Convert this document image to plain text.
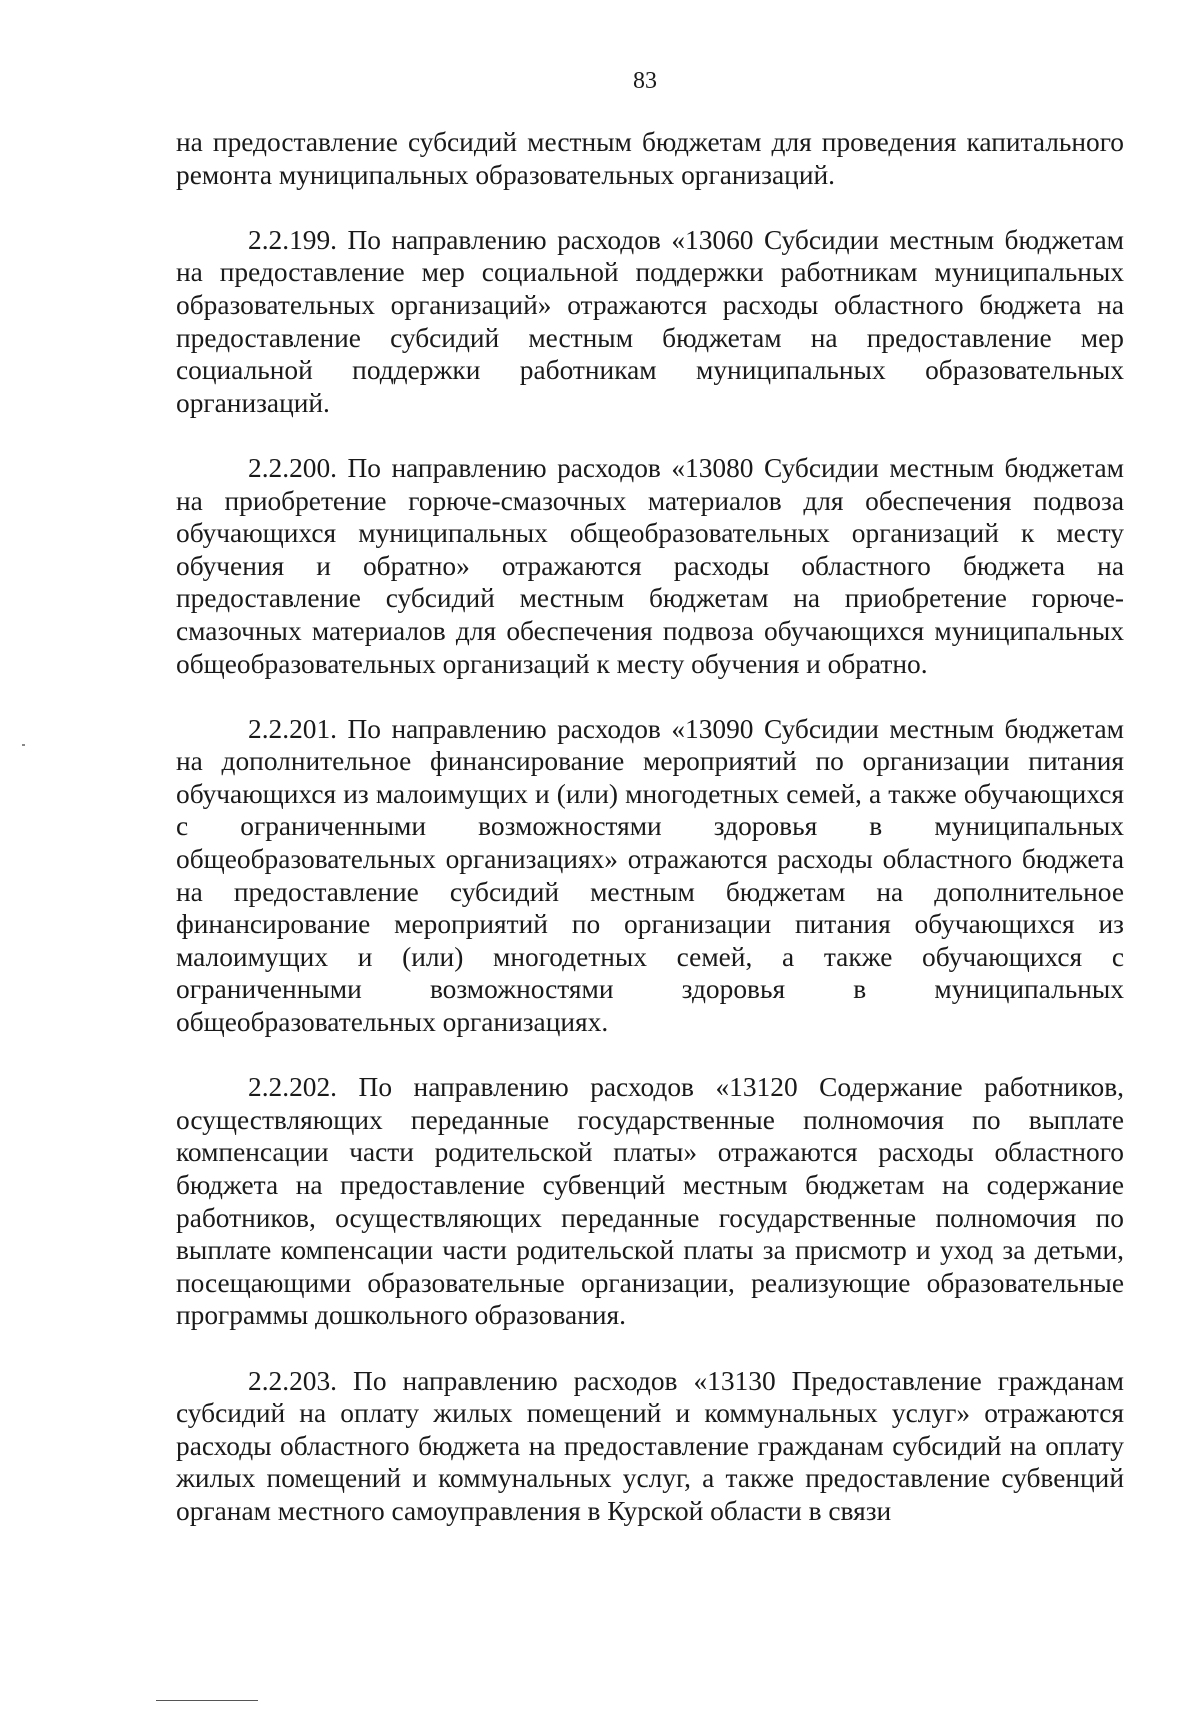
83

на предоставление субсидий местным бюджетам для проведения капитального ремонта муниципальных образовательных организаций.

2.2.199. По направлению расходов «13060 Субсидии местным бюджетам на предоставление мер социальной поддержки работникам муниципальных образовательных организаций» отражаются расходы областного бюджета на предоставление субсидий местным бюджетам на предоставление мер социальной поддержки работникам муниципальных образовательных организаций.

2.2.200. По направлению расходов «13080 Субсидии местным бюджетам на приобретение горюче-смазочных материалов для обеспечения подвоза обучающихся муниципальных общеобразовательных организаций к месту обучения и обратно» отражаются расходы областного бюджета на предоставление субсидий местным бюджетам на приобретение горюче-смазочных материалов для обеспечения подвоза обучающихся муниципальных общеобразовательных организаций к месту обучения и обратно.

2.2.201. По направлению расходов «13090 Субсидии местным бюджетам на дополнительное финансирование мероприятий по организации питания обучающихся из малоимущих и (или) многодетных семей, а также обучающихся с ограниченными возможностями здоровья в муниципальных общеобразовательных организациях» отражаются расходы областного бюджета на предоставление субсидий местным бюджетам на дополнительное финансирование мероприятий по организации питания обучающихся из малоимущих и (или) многодетных семей, а также обучающихся с ограниченными возможностями здоровья в муниципальных общеобразовательных организациях.

2.2.202. По направлению расходов «13120 Содержание работников, осуществляющих переданные государственные полномочия по выплате компенсации части родительской платы» отражаются расходы областного бюджета на предоставление субвенций местным бюджетам на содержание работников, осуществляющих переданные государственные полномочия по выплате компенсации части родительской платы за присмотр и уход за детьми, посещающими образовательные организации, реализующие образовательные программы дошкольного образования.

2.2.203. По направлению расходов «13130 Предоставление гражданам субсидий на оплату жилых помещений и коммунальных услуг» отражаются расходы областного бюджета на предоставление гражданам субсидий на оплату жилых помещений и коммунальных услуг, а также предоставление субвенций органам местного самоуправления в Курской области в связи
